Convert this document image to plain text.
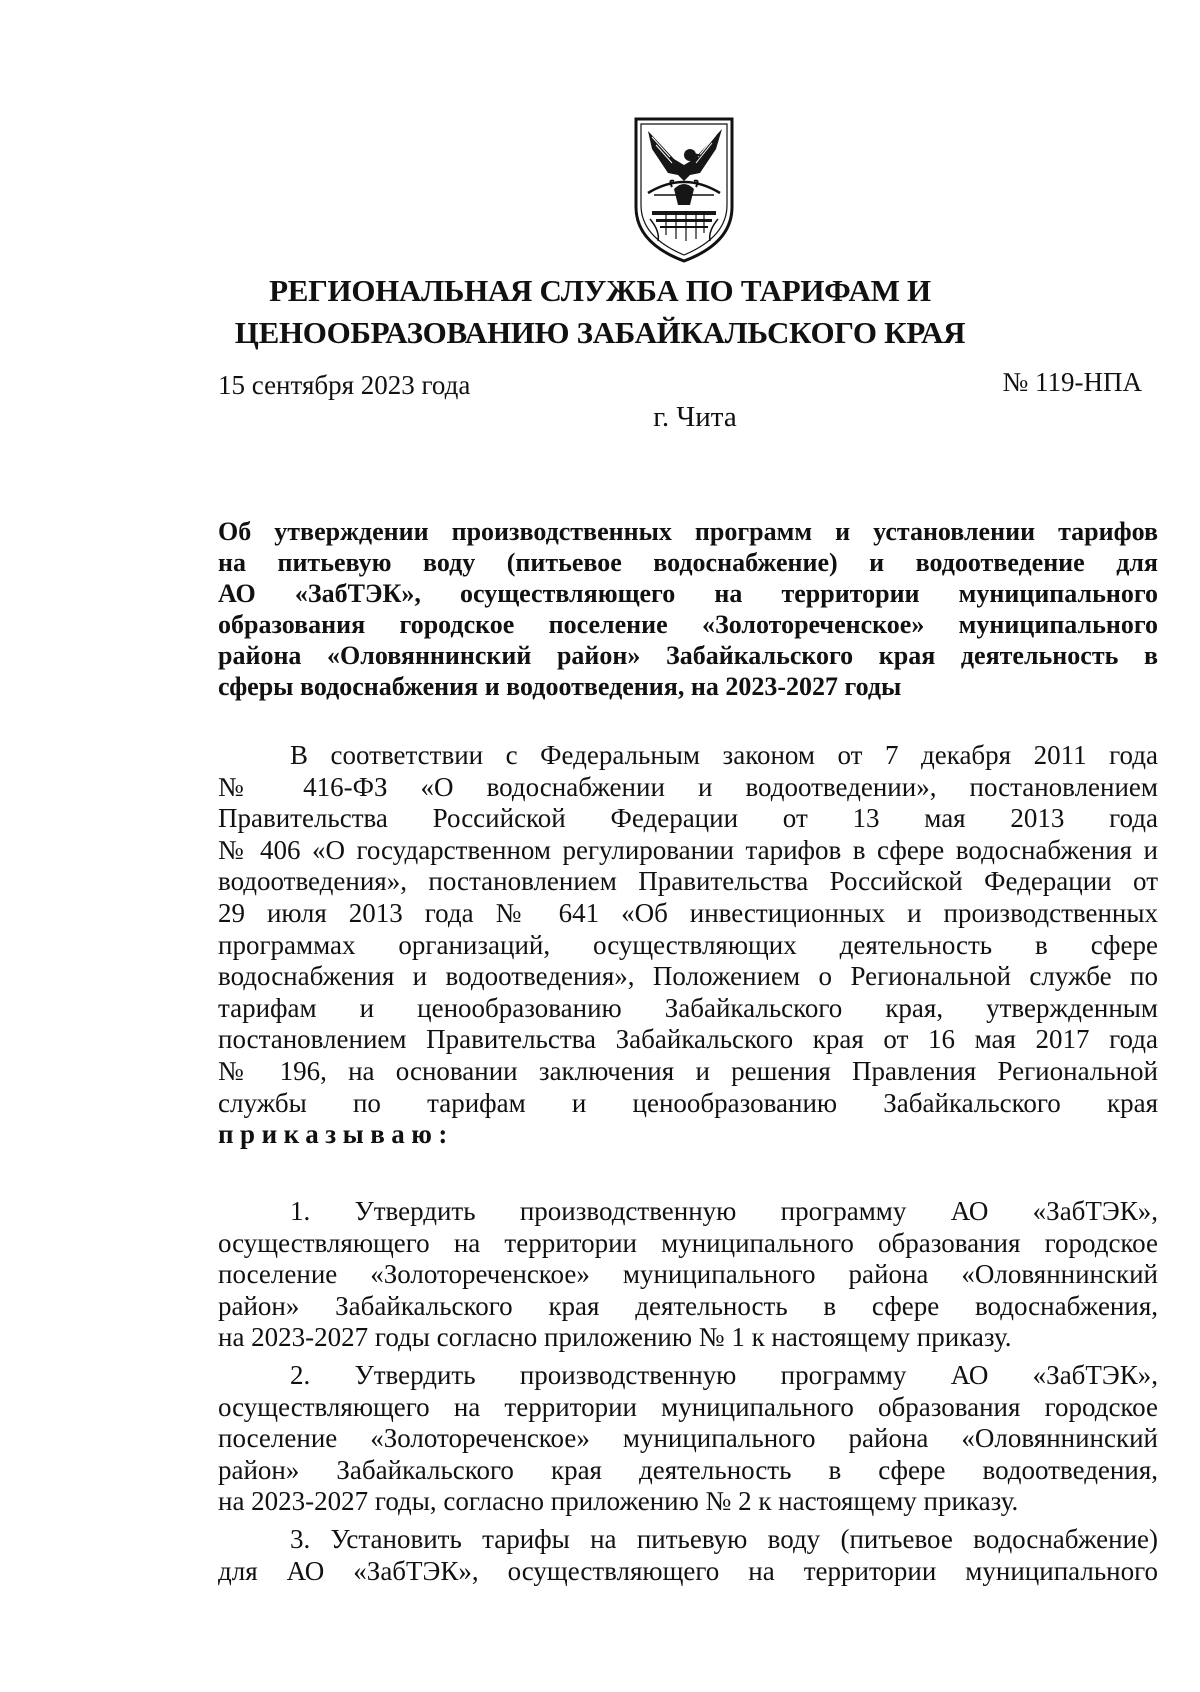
РЕГИОНАЛЬНАЯ СЛУЖБА ПО ТАРИФАМ И
ЦЕНООБРАЗОВАНИЮ ЗАБАЙКАЛЬСКОГО КРАЯ
15 сентября 2023 года	№ 119-НПА
г. Чита
Об утверждении производственных программ и установлении тарифов
на питьевую воду (питьевое водоснабжение) и водоотведение для
АО «ЗабТЭК», осуществляющего на территории муниципального
образования городское поселение «Золотореченское» муниципального
района «Оловяннинский район» Забайкальского края деятельность в
сферы водоснабжения и водоотведения, на 2023-2027 годы
В соответствии с Федеральным законом от 7 декабря 2011 года
№ 416-ФЗ «О водоснабжении и водоотведении», постановлением
Правительства Российской Федерации от 13 мая 2013 года
№ 406 «О государственном регулировании тарифов в сфере водоснабжения и
водоотведения», постановлением Правительства Российской Федерации от
29 июля 2013 года № 641 «Об инвестиционных и производственных
программах организаций, осуществляющих деятельность в сфере
водоснабжения и водоотведения», Положением о Региональной службе по
тарифам и ценообразованию Забайкальского края, утвержденным
постановлением Правительства Забайкальского края от 16 мая 2017 года
№ 196, на основании заключения и решения Правления Региональной
службы по тарифам и ценообразованию Забайкальского края
приказываю:
1. Утвердить производственную программу АО «ЗабТЭК»,
осуществляющего на территории муниципального образования городское
поселение «Золотореченское» муниципального района «Оловяннинский
район» Забайкальского края деятельность в сфере водоснабжения,
на 2023-2027 годы согласно приложению № 1 к настоящему приказу.
2. Утвердить производственную программу АО «ЗабТЭК»,
осуществляющего на территории муниципального образования городское
поселение «Золотореченское» муниципального района «Оловяннинский
район» Забайкальского края деятельность в сфере водоотведения,
на 2023-2027 годы, согласно приложению № 2 к настоящему приказу.
3. Установить тарифы на питьевую воду (питьевое водоснабжение)
для АО «ЗабТЭК», осуществляющего на территории муниципального
